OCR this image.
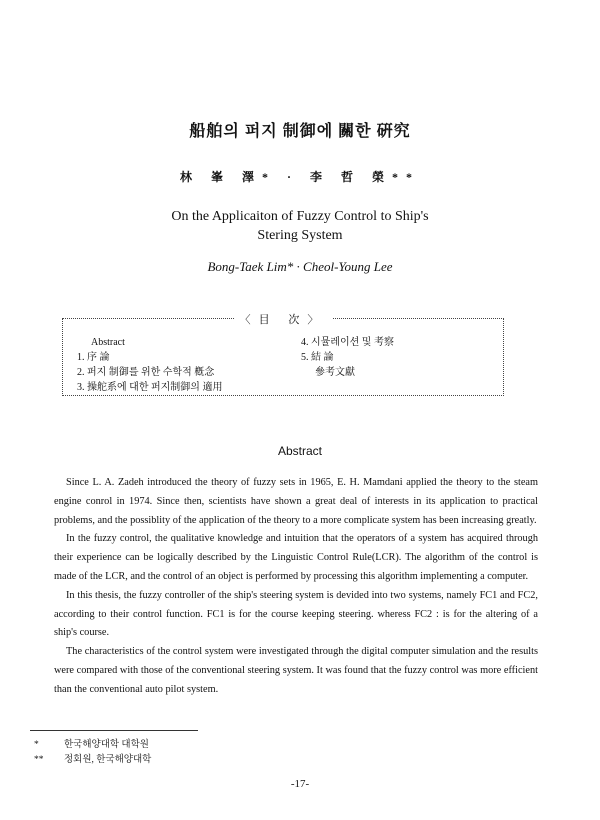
船舶의 퍼지 制御에 關한 硏究
林 峯 澤* · 李 哲 榮**
On the Applicaiton of Fuzzy Control to Ship's
Stering System
Bong-Taek Lim* · Cheol-Young Lee
〈目 次〉
Abstract
1. 序 論
2. 퍼지 制御를 위한 수학적 槪念
3. 操舵系에 대한 퍼지制御의 適用
4. 시뮬레이션 및 考察
5. 結 論
參考文獻
Abstract

Since L. A. Zadeh introduced the theory of fuzzy sets in 1965, E. H. Mamdani applied the theory to the steam engine conrol in 1974. Since then, scientists have shown a great deal of interests in its application to practical problems, and the possiblity of the application of the theory to a more complicate system has been increasing greatly.

In the fuzzy control, the qualitative knowledge and intuition that the operators of a system has acquired through their experience can be logically described by the Linguistic Control Rule(LCR). The algorithm of the control is made of the LCR, and the control of an object is performed by processing this algorithm implementing a computer.

In this thesis, the fuzzy controller of the ship's steering system is devided into two systems, namely FC1 and FC2, according to their control function. FC1 is for the course keeping steering. wheress FC2 : is for the altering of a ship's course.

The characteristics of the control system were investigated through the digital computer simulation and the results were compared with those of the conventional steering system. It was found that the fuzzy control was more efficient than the conventional auto pilot system.

*	한국해양대학 대학원
** 정회원, 한국해양대학
-17-
